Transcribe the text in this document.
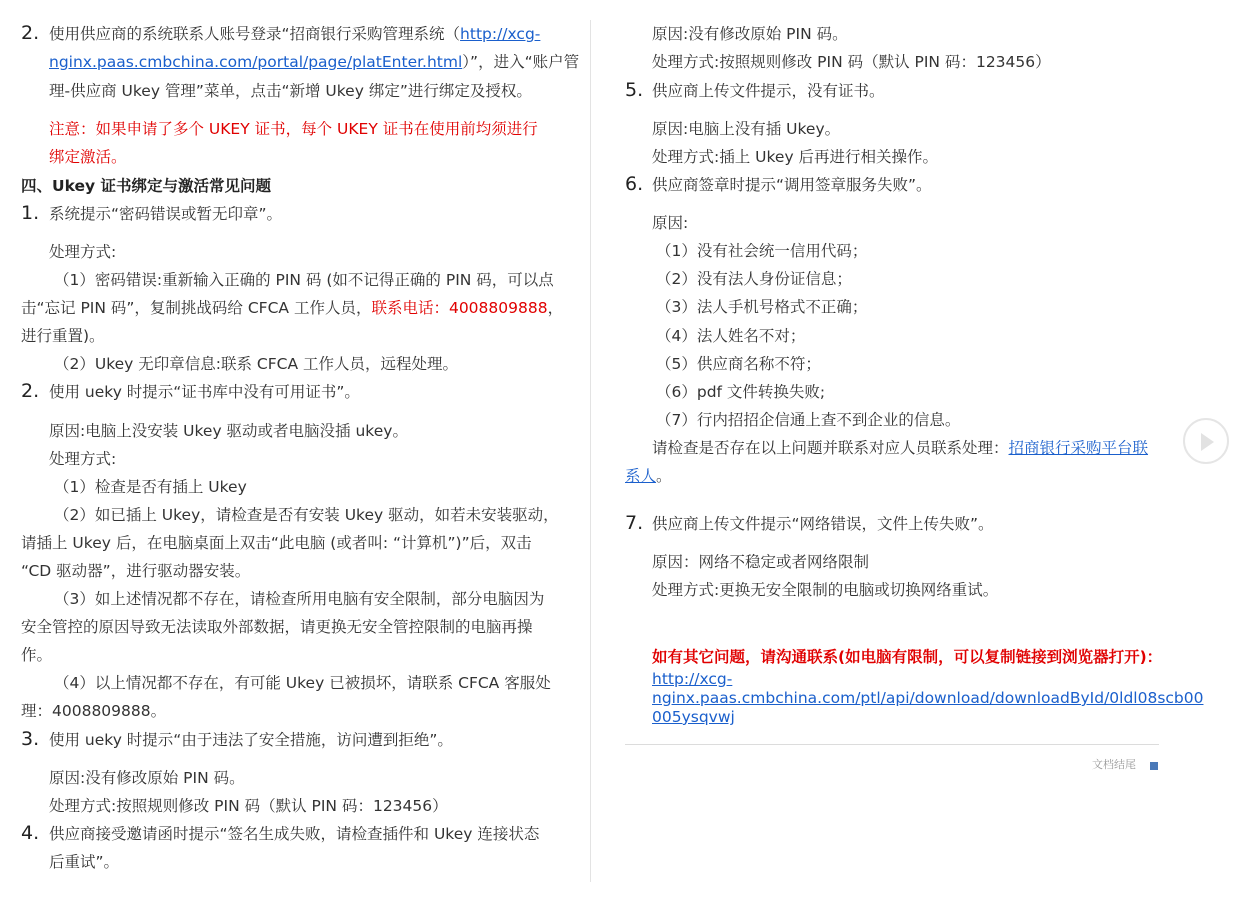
2. 使用供应商的系统联系人账号登录“招商银行采购管理系统（http://xcg-
nginx.paas.cmbchina.com/portal/page/platEnter.html）”，进入“账户管
理-供应商 Ukey 管理”菜单，点击“新增 Ukey 绑定”进行绑定及授权。
注意：如果申请了多个 UKEY 证书，每个 UKEY 证书在使用前均须进行
绑定激活。
四、Ukey 证书绑定与激活常见问题
1. 系统提示“密码错误或暂无印章”。
处理方式:
（1）密码错误:重新输入正确的 PIN 码 (如不记得正确的 PIN 码，可以点
击“忘记 PIN 码”，复制挑战码给 CFCA 工作人员，联系电话：4008809888，
进行重置)。
（2）Ukey 无印章信息:联系 CFCA 工作人员，远程处理。
2. 使用 ueky 时提示“证书库中没有可用证书”。
原因:电脑上没安装 Ukey 驱动或者电脑没插 ukey。
处理方式:
（1）检查是否有插上 Ukey
（2）如已插上 Ukey，请检查是否有安装 Ukey 驱动，如若未安装驱动，
请插上 Ukey 后，在电脑桌面上双击“此电脑 (或者叫: “计算机”)”后，双击
“CD 驱动器”，进行驱动器安装。
（3）如上述情况都不存在，请检查所用电脑有安全限制，部分电脑因为
安全管控的原因导致无法读取外部数据，请更换无安全管控限制的电脑再操
作。
（4）以上情况都不存在，有可能 Ukey 已被损坏，请联系 CFCA 客服处
理：4008809888。
3. 使用 ueky 时提示“由于违法了安全措施，访问遭到拒绝”。
原因:没有修改原始 PIN 码。
处理方式:按照规则修改 PIN 码（默认 PIN 码：123456）
4. 供应商接受邀请函时提示“签名生成失败，请检查插件和 Ukey 连接状态
后重试”。
原因:没有修改原始 PIN 码。
处理方式:按照规则修改 PIN 码（默认 PIN 码：123456）
5. 供应商上传文件提示，没有证书。
原因:电脑上没有插 Ukey。
处理方式:插上 Ukey 后再进行相关操作。
6. 供应商签章时提示“调用签章服务失败”。
原因:
（1）没有社会统一信用代码；
（2）没有法人身份证信息；
（3）法人手机号格式不正确；
（4）法人姓名不对；
（5）供应商名称不符；
（6）pdf 文件转换失败;
（7）行内招招企信通上查不到企业的信息。
请检查是否存在以上问题并联系对应人员联系处理：招商银行采购平台联
系人。
7. 供应商上传文件提示“网络错误，文件上传失败”。
原因：网络不稳定或者网络限制
处理方式:更换无安全限制的电脑或切换网络重试。
如有其它问题，请沟通联系(如电脑有限制，可以复制链接到浏览器打开)：
http://xcg-
nginx.paas.cmbchina.com/ptl/api/download/downloadById/0ldl08scb00
005ysqvwj
文档结尾
